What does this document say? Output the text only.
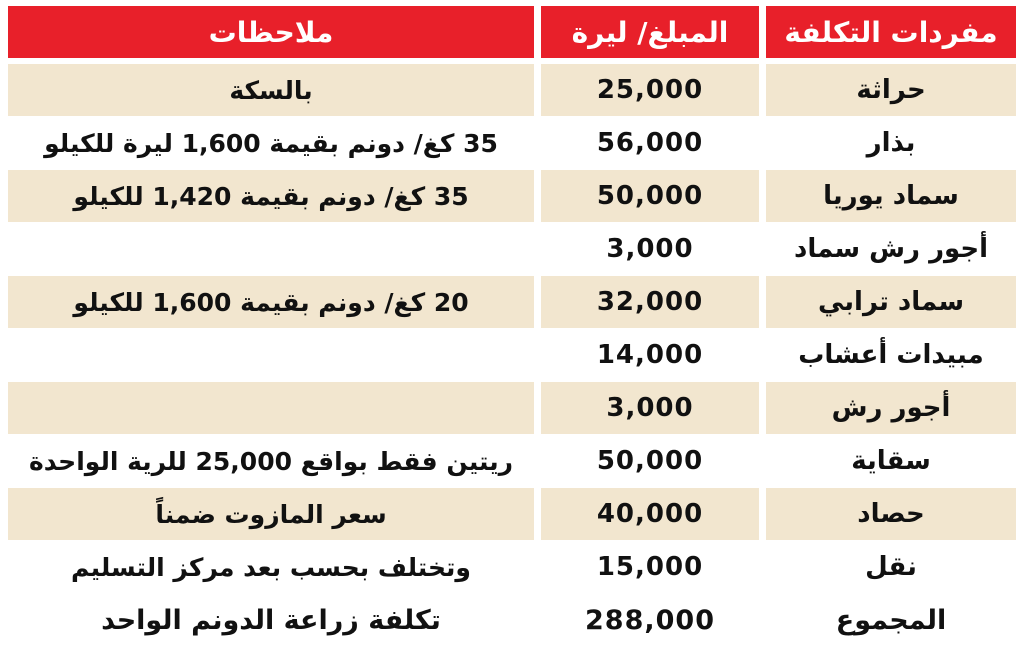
مفردات التكلفة
المبلغ/ ليرة
ملاحظات
حراثة
25,000
بالسكة
بذار
56,000
35 كغ/ دونم بقيمة 1,600 ليرة للكيلو
سماد يوريا
50,000
35 كغ/ دونم بقيمة 1,420 للكيلو
أجور رش سماد
3,000
سماد ترابي
32,000
20 كغ/ دونم بقيمة 1,600 للكيلو
مبيدات أعشاب
14,000
أجور رش
3,000
سقاية
50,000
ريتين فقط بواقع 25,000 للرية الواحدة
حصاد
40,000
سعر المازوت ضمناً
نقل
15,000
وتختلف بحسب بعد مركز التسليم
المجموع
288,000
تكلفة زراعة الدونم الواحد
